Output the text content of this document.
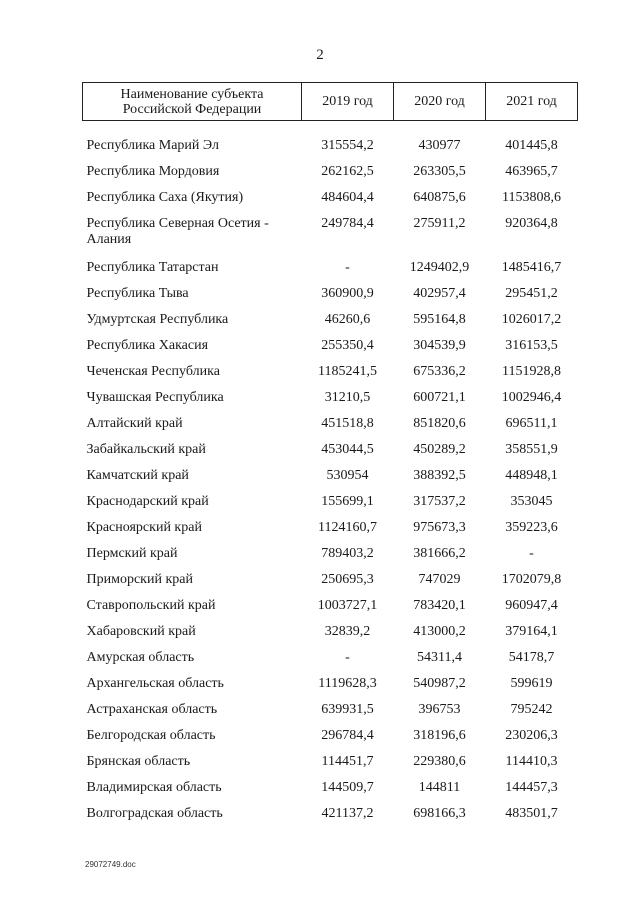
2
Наименование субъекта Российской Федерации	2019 год	2020 год	2021 год

Республика Марий Эл	315554,2	430977	401445,8
Республика Мордовия	262162,5	263305,5	463965,7
Республика Саха (Якутия)	484604,4	640875,6	1153808,6
Республика Северная Осетия - Алания	249784,4	275911,2	920364,8
Республика Татарстан	-	1249402,9	1485416,7
Республика Тыва	360900,9	402957,4	295451,2
Удмуртская Республика	46260,6	595164,8	1026017,2
Республика Хакасия	255350,4	304539,9	316153,5
Чеченская Республика	1185241,5	675336,2	1151928,8
Чувашская Республика	31210,5	600721,1	1002946,4
Алтайский край	451518,8	851820,6	696511,1
Забайкальский край	453044,5	450289,2	358551,9
Камчатский край	530954	388392,5	448948,1
Краснодарский край	155699,1	317537,2	353045
Красноярский край	1124160,7	975673,3	359223,6
Пермский край	789403,2	381666,2	-
Приморский край	250695,3	747029	1702079,8
Ставропольский край	1003727,1	783420,1	960947,4
Хабаровский край	32839,2	413000,2	379164,1
Амурская область	-	54311,4	54178,7
Архангельская область	1119628,3	540987,2	599619
Астраханская область	639931,5	396753	795242
Белгородская область	296784,4	318196,6	230206,3
Брянская область	114451,7	229380,6	114410,3
Владимирская область	144509,7	144811	144457,3
Волгоградская область	421137,2	698166,3	483501,7
29072749.doc
